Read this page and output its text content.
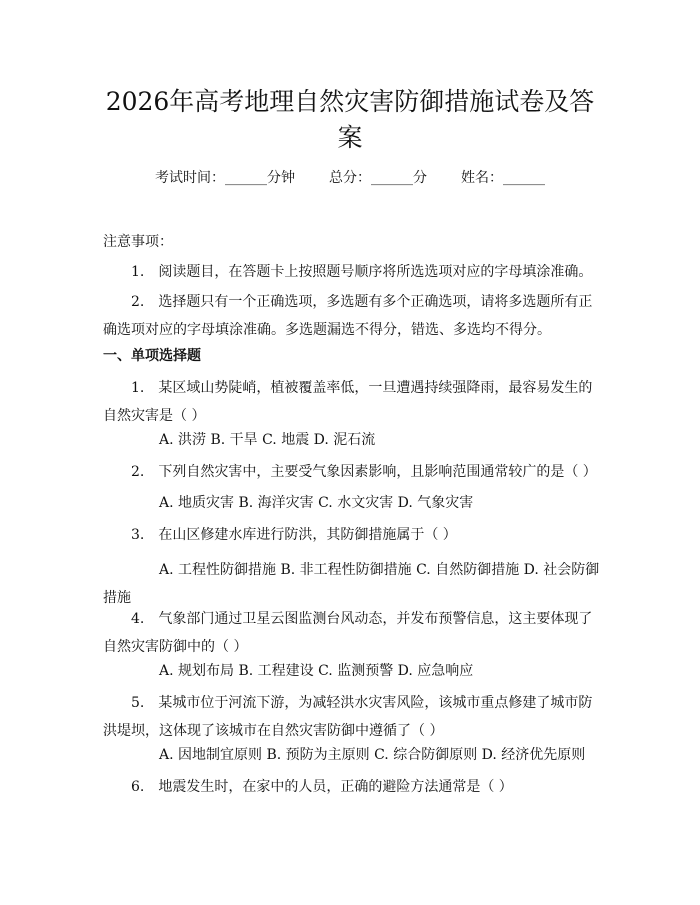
2026年高考地理自然灾害防御措施试卷及答案
考试时间：______分钟 总分：______分 姓名：______
注意事项：
1.　阅读题目，在答题卡上按照题号顺序将所选选项对应的字母填涂准确。
2.　选择题只有一个正确选项，多选题有多个正确选项，请将多选题所有正确选项对应的字母填涂准确。多选题漏选不得分，错选、多选均不得分。
一、单项选择题
1.　某区域山势陡峭，植被覆盖率低，一旦遭遇持续强降雨，最容易发生的自然灾害是（ ）
A. 洪涝 B. 干旱 C. 地震 D. 泥石流
2.　下列自然灾害中，主要受气象因素影响，且影响范围通常较广的是（ ）
A. 地质灾害 B. 海洋灾害 C. 水文灾害 D. 气象灾害
3.　在山区修建水库进行防洪，其防御措施属于（ ）
A. 工程性防御措施 B. 非工程性防御措施 C. 自然防御措施 D. 社会防御措施
4.　气象部门通过卫星云图监测台风动态，并发布预警信息，这主要体现了自然灾害防御中的（ ）
A. 规划布局 B. 工程建设 C. 监测预警 D. 应急响应
5.　某城市位于河流下游，为减轻洪水灾害风险，该城市重点修建了城市防洪堤坝，这体现了该城市在自然灾害防御中遵循了（ ）
A. 因地制宜原则 B. 预防为主原则 C. 综合防御原则 D. 经济优先原则
6.　地震发生时，在家中的人员，正确的避险方法通常是（ ）
